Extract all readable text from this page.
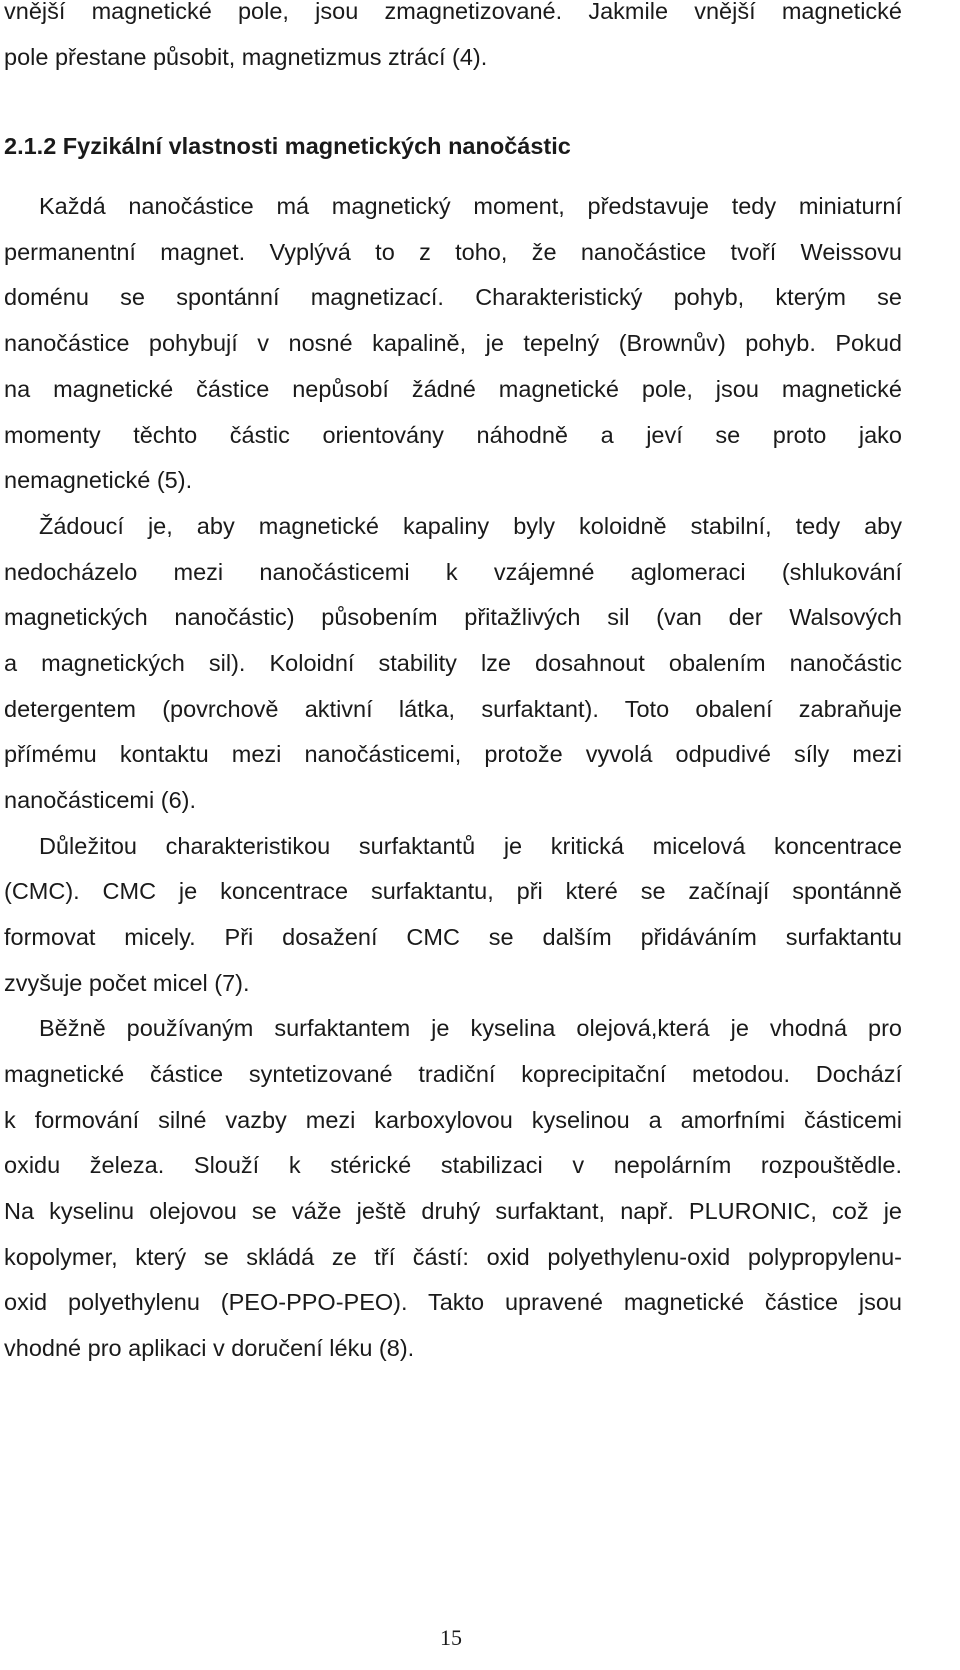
vnější magnetické pole, jsou zmagnetizované. Jakmile vnější magnetické
pole přestane působit, magnetizmus ztrácí (4).
2.1.2 Fyzikální vlastnosti magnetických nanočástic
Každá nanočástice má magnetický moment, představuje tedy miniaturní
permanentní magnet. Vyplývá to z toho, že nanočástice tvoří Weissovu
doménu se spontánní magnetizací. Charakteristický pohyb, kterým se
nanočástice pohybují v nosné kapalině, je tepelný (Brownův) pohyb. Pokud
na magnetické částice nepůsobí žádné magnetické pole, jsou magnetické
momenty těchto částic orientovány náhodně a jeví se proto jako
nemagnetické (5).
Žádoucí je, aby magnetické kapaliny byly koloidně stabilní, tedy aby
nedocházelo mezi nanočásticemi k vzájemné aglomeraci (shlukování
magnetických nanočástic) působením přitažlivých sil (van der Walsových
a magnetických sil). Koloidní stability lze dosahnout obalením nanočástic
detergentem (povrchově aktivní látka, surfaktant). Toto obalení zabraňuje
přímému kontaktu mezi nanočásticemi, protože vyvolá odpudivé síly mezi
nanočásticemi (6).
Důležitou charakteristikou surfaktantů je kritická micelová koncentrace
(CMC). CMC je koncentrace surfaktantu, při které se začínají spontánně
formovat micely. Při dosažení CMC se dalším přidáváním surfaktantu
zvyšuje počet micel (7).
Běžně používaným surfaktantem je kyselina olejová,která je vhodná pro
magnetické částice syntetizované tradiční koprecipitační metodou. Dochází
k formování silné vazby mezi karboxylovou kyselinou a amorfními částicemi
oxidu železa. Slouží k stérické stabilizaci v nepolárním rozpouštědle.
Na kyselinu olejovou se váže ještě druhý surfaktant, např. PLURONIC, což je
kopolymer, který se skládá ze tří částí: oxid polyethylenu-oxid polypropylenu-
oxid polyethylenu (PEO-PPO-PEO). Takto upravené magnetické částice jsou
vhodné pro aplikaci v doručení léku (8).
15
